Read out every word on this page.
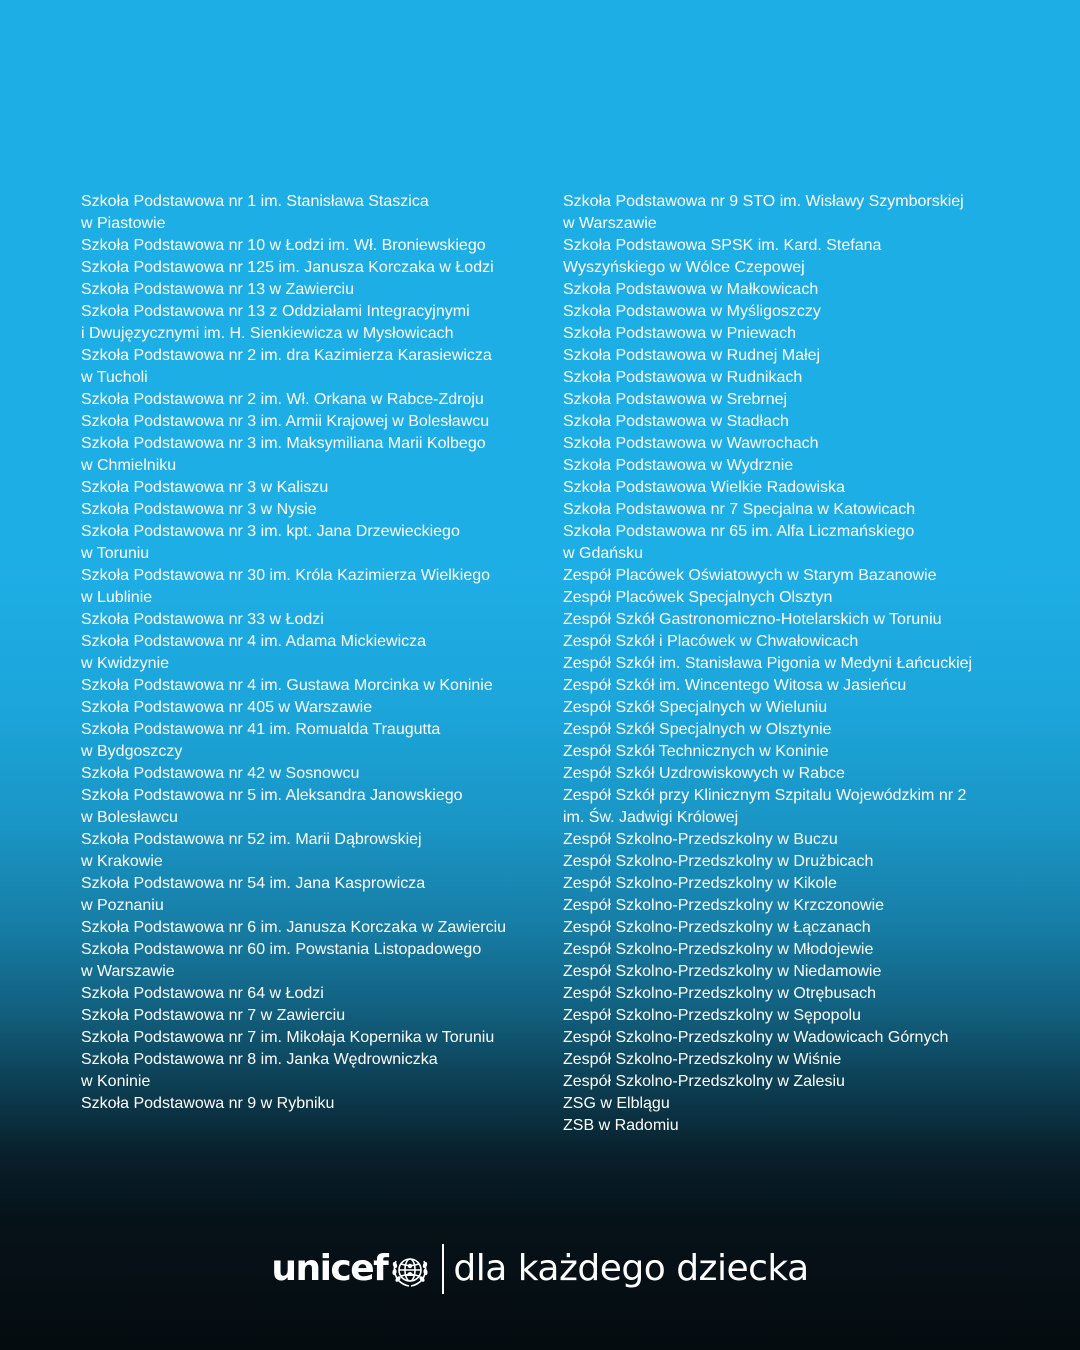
Szkoła Podstawowa nr 1 im. Stanisława Staszica
w Piastowie
Szkoła Podstawowa nr 10 w Łodzi im. Wł. Broniewskiego
Szkoła Podstawowa nr 125 im. Janusza Korczaka w Łodzi
Szkoła Podstawowa nr 13 w Zawierciu
Szkoła Podstawowa nr 13 z Oddziałami Integracyjnymi
i Dwujęzycznymi im. H. Sienkiewicza w Mysłowicach
Szkoła Podstawowa nr 2 im. dra Kazimierza Karasiewicza
w Tucholi
Szkoła Podstawowa nr 2 im. Wł. Orkana w Rabce-Zdroju
Szkoła Podstawowa nr 3 im. Armii Krajowej w Bolesławcu
Szkoła Podstawowa nr 3 im. Maksymiliana Marii Kolbego
w Chmielniku
Szkoła Podstawowa nr 3 w Kaliszu
Szkoła Podstawowa nr 3 w Nysie
Szkoła Podstawowa nr 3 im. kpt. Jana Drzewieckiego
w Toruniu
Szkoła Podstawowa nr 30 im. Króla Kazimierza Wielkiego
w Lublinie
Szkoła Podstawowa nr 33 w Łodzi
Szkoła Podstawowa nr 4 im. Adama Mickiewicza
w Kwidzynie
Szkoła Podstawowa nr 4 im. Gustawa Morcinka w Koninie
Szkoła Podstawowa nr 405 w Warszawie
Szkoła Podstawowa nr 41 im. Romualda Traugutta
w Bydgoszczy
Szkoła Podstawowa nr 42 w Sosnowcu
Szkoła Podstawowa nr 5 im. Aleksandra Janowskiego
w Bolesławcu
Szkoła Podstawowa nr 52 im. Marii Dąbrowskiej
w Krakowie
Szkoła Podstawowa nr 54 im. Jana Kasprowicza
w Poznaniu
Szkoła Podstawowa nr 6 im. Janusza Korczaka w Zawierciu
Szkoła Podstawowa nr 60 im. Powstania Listopadowego
w Warszawie
Szkoła Podstawowa nr 64 w Łodzi
Szkoła Podstawowa nr 7 w Zawierciu
Szkoła Podstawowa nr 7 im. Mikołaja Kopernika w Toruniu
Szkoła Podstawowa nr 8 im. Janka Wędrowniczka
w Koninie
Szkoła Podstawowa nr 9 w Rybniku
Szkoła Podstawowa nr 9 STO im. Wisławy Szymborskiej
w Warszawie
Szkoła Podstawowa SPSK im. Kard. Stefana
Wyszyńskiego w Wólce Czepowej
Szkoła Podstawowa w Małkowicach
Szkoła Podstawowa w Myśligoszczy
Szkoła Podstawowa w Pniewach
Szkoła Podstawowa w Rudnej Małej
Szkoła Podstawowa w Rudnikach
Szkoła Podstawowa w Srebrnej
Szkoła Podstawowa w Stadłach
Szkoła Podstawowa w Wawrochach
Szkoła Podstawowa w Wydrznie
Szkoła Podstawowa Wielkie Radowiska
Szkoła Podstawowa nr 7 Specjalna w Katowicach
Szkoła Podstawowa nr 65 im. Alfa Liczmańskiego
w Gdańsku
Zespół Placówek Oświatowych w Starym Bazanowie
Zespół Placówek Specjalnych Olsztyn
Zespół Szkół Gastronomiczno-Hotelarskich w Toruniu
Zespół Szkół i Placówek w Chwałowicach
Zespół Szkół im. Stanisława Pigonia w Medyni Łańcuckiej
Zespół Szkół im. Wincentego Witosa w Jasieńcu
Zespół Szkół Specjalnych w Wieluniu
Zespół Szkół Specjalnych w Olsztynie
Zespół Szkół Technicznych w Koninie
Zespół Szkół Uzdrowiskowych w Rabce
Zespół Szkół przy Klinicznym Szpitalu Wojewódzkim nr 2
im. Św. Jadwigi Królowej
Zespół Szkolno-Przedszkolny w Buczu
Zespół Szkolno-Przedszkolny w Drużbicach
Zespół Szkolno-Przedszkolny w Kikole
Zespół Szkolno-Przedszkolny w Krzczonowie
Zespół Szkolno-Przedszkolny w Łączanach
Zespół Szkolno-Przedszkolny w Młodojewie
Zespół Szkolno-Przedszkolny w Niedamowie
Zespół Szkolno-Przedszkolny w Otrębusach
Zespół Szkolno-Przedszkolny w Sępopolu
Zespół Szkolno-Przedszkolny w Wadowicach Górnych
Zespół Szkolno-Przedszkolny w Wiśnie
Zespół Szkolno-Przedszkolny w Zalesiu
ZSG w Elblągu
ZSB w Radomiu
unicef dla każdego dziecka
